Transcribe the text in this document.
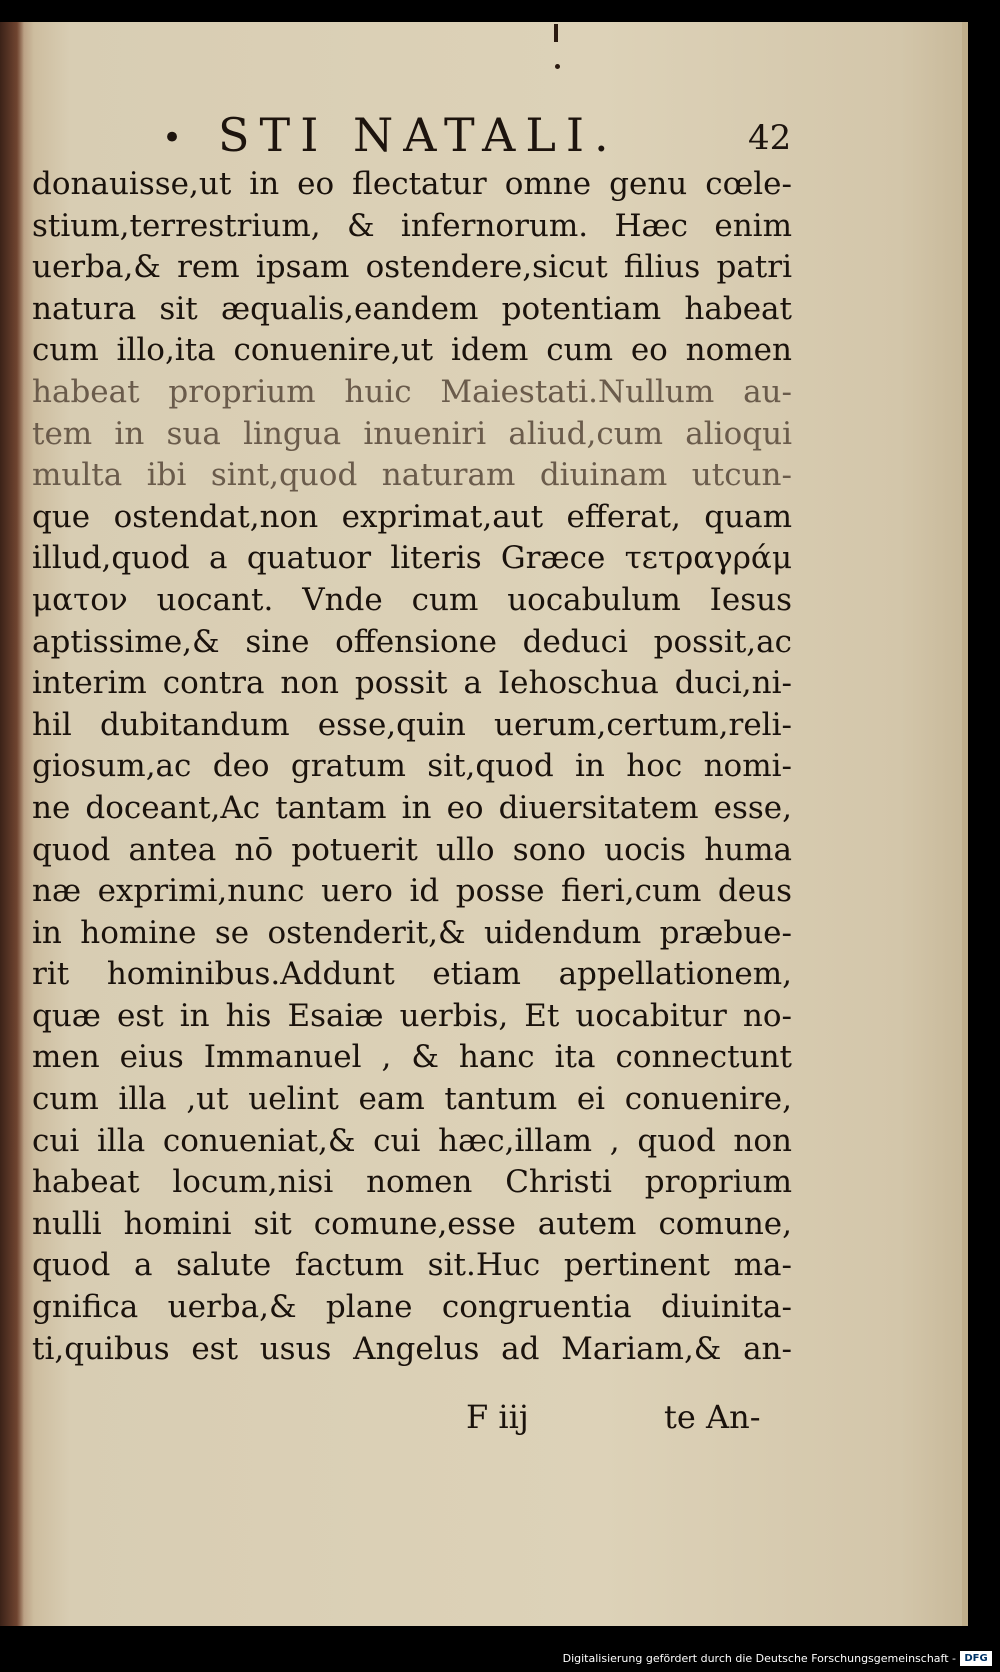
• STI NATALI.	42
donauisse,ut in eo flectatur omne genu cœle-
stium,terrestrium, & infernorum. Hæc enim
uerba,& rem ipsam ostendere,sicut filius patri
natura sit æqualis,eandem potentiam habeat
cum illo,ita conuenire,ut idem cum eo nomen
habeat proprium huic Maiestati.Nullum au-
tem in sua lingua inueniri aliud,cum alioqui
multa ibi sint,quod naturam diuinam utcun-
que ostendat,non exprimat,aut efferat, quam
illud,quod a quatuor literis Græce τετραγράμ
ματον uocant. Vnde cum uocabulum Iesus
aptissime,& sine offensione deduci possit,ac
interim contra non possit a Iehoschua duci,ni-
hil dubitandum esse,quin uerum,certum,reli-
giosum,ac deo gratum sit,quod in hoc nomi-
ne doceant,Ac tantam in eo diuersitatem esse,
quod antea nō potuerit ullo sono uocis huma
næ exprimi,nunc uero id posse fieri,cum deus
in homine se ostenderit,& uidendum præbue-
rit hominibus.Addunt etiam appellationem,
quæ est in his Esaiæ uerbis, Et uocabitur no-
men eius Immanuel , & hanc ita connectunt
cum illa ,ut uelint eam tantum ei conuenire,
cui illa conueniat,& cui hæc,illam , quod non
habeat locum,nisi nomen Christi proprium
nulli homini sit comune,esse autem comune,
quod a salute factum sit.Huc pertinent ma-
gnifica uerba,& plane congruentia diuinita-
ti,quibus est usus Angelus ad Mariam,& an-
F iij	te An-
Digitalisierung gefördert durch die Deutsche Forschungsgemeinschaft - DFG
